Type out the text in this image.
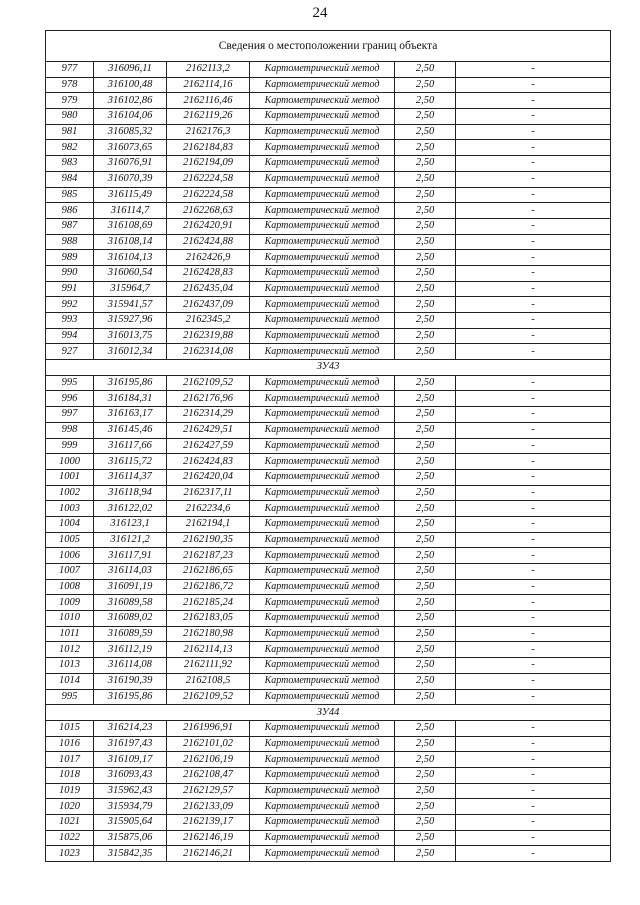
24
Сведения о местоположении границ объекта					
977	316096,11	2162113,2	Картометрический метод	2,50	-
978	316100,48	2162114,16	Картометрический метод	2,50	-
979	316102,86	2162116,46	Картометрический метод	2,50	-
980	316104,06	2162119,26	Картометрический метод	2,50	-
981	316085,32	2162176,3	Картометрический метод	2,50	-
982	316073,65	2162184,83	Картометрический метод	2,50	-
983	316076,91	2162194,09	Картометрический метод	2,50	-
984	316070,39	2162224,58	Картометрический метод	2,50	-
985	316115,49	2162224,58	Картометрический метод	2,50	-
986	316114,7	2162268,63	Картометрический метод	2,50	-
987	316108,69	2162420,91	Картометрический метод	2,50	-
988	316108,14	2162424,88	Картометрический метод	2,50	-
989	316104,13	2162426,9	Картометрический метод	2,50	-
990	316060,54	2162428,83	Картометрический метод	2,50	-
991	315964,7	2162435,04	Картометрический метод	2,50	-
992	315941,57	2162437,09	Картометрический метод	2,50	-
993	315927,96	2162345,2	Картометрический метод	2,50	-
994	316013,75	2162319,88	Картометрический метод	2,50	-
927	316012,34	2162314,08	Картометрический метод	2,50	-
ЗУ43					
995	316195,86	2162109,52	Картометрический метод	2,50	-
996	316184,31	2162176,96	Картометрический метод	2,50	-
997	316163,17	2162314,29	Картометрический метод	2,50	-
998	316145,46	2162429,51	Картометрический метод	2,50	-
999	316117,66	2162427,59	Картометрический метод	2,50	-
1000	316115,72	2162424,83	Картометрический метод	2,50	-
1001	316114,37	2162420,04	Картометрический метод	2,50	-
1002	316118,94	2162317,11	Картометрический метод	2,50	-
1003	316122,02	2162234,6	Картометрический метод	2,50	-
1004	316123,1	2162194,1	Картометрический метод	2,50	-
1005	316121,2	2162190,35	Картометрический метод	2,50	-
1006	316117,91	2162187,23	Картометрический метод	2,50	-
1007	316114,03	2162186,65	Картометрический метод	2,50	-
1008	316091,19	2162186,72	Картометрический метод	2,50	-
1009	316089,58	2162185,24	Картометрический метод	2,50	-
1010	316089,02	2162183,05	Картометрический метод	2,50	-
1011	316089,59	2162180,98	Картометрический метод	2,50	-
1012	316112,19	2162114,13	Картометрический метод	2,50	-
1013	316114,08	2162111,92	Картометрический метод	2,50	-
1014	316190,39	2162108,5	Картометрический метод	2,50	-
995	316195,86	2162109,52	Картометрический метод	2,50	-
ЗУ44					
1015	316214,23	2161996,91	Картометрический метод	2,50	-
1016	316197,43	2162101,02	Картометрический метод	2,50	-
1017	316109,17	2162106,19	Картометрический метод	2,50	-
1018	316093,43	2162108,47	Картометрический метод	2,50	-
1019	315962,43	2162129,57	Картометрический метод	2,50	-
1020	315934,79	2162133,09	Картометрический метод	2,50	-
1021	315905,64	2162139,17	Картометрический метод	2,50	-
1022	315875,06	2162146,19	Картометрический метод	2,50	-
1023	315842,35	2162146,21	Картометрический метод	2,50	-
